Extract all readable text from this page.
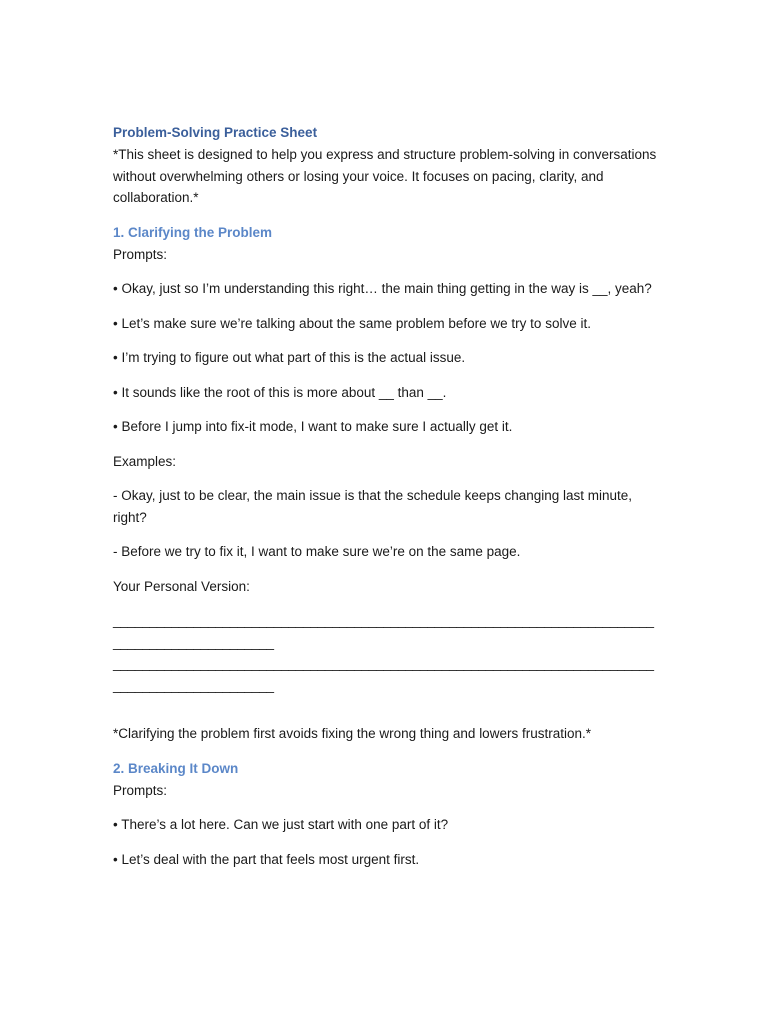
Problem-Solving Practice Sheet

*This sheet is designed to help you express and structure problem-solving in conversations without overwhelming others or losing your voice. It focuses on pacing, clarity, and collaboration.*

1. Clarifying the Problem

Prompts:

• Okay, just so I’m understanding this right… the main thing getting in the way is __, yeah?

• Let’s make sure we’re talking about the same problem before we try to solve it.

• I’m trying to figure out what part of this is the actual issue.

• It sounds like the root of this is more about __ than __.

• Before I jump into fix-it mode, I want to make sure I actually get it.

Examples:

- Okay, just to be clear, the main issue is that the schedule keeps changing last minute, right?

- Before we try to fix it, I want to make sure we’re on the same page.

Your Personal Version:

________________________________________________________________________________________________

________________________________________________________________________________________________

*Clarifying the problem first avoids fixing the wrong thing and lowers frustration.*

2. Breaking It Down

Prompts:

• There’s a lot here. Can we just start with one part of it?

• Let’s deal with the part that feels most urgent first.
